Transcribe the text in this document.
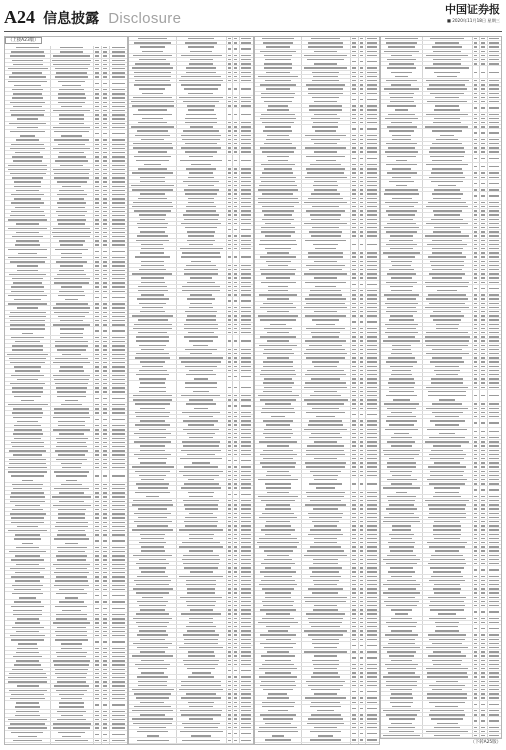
A24 信息披露 Disclosure
中国证券报
■ 2020年11月18日 星期三
（上接A23版）
（下转A25版）
